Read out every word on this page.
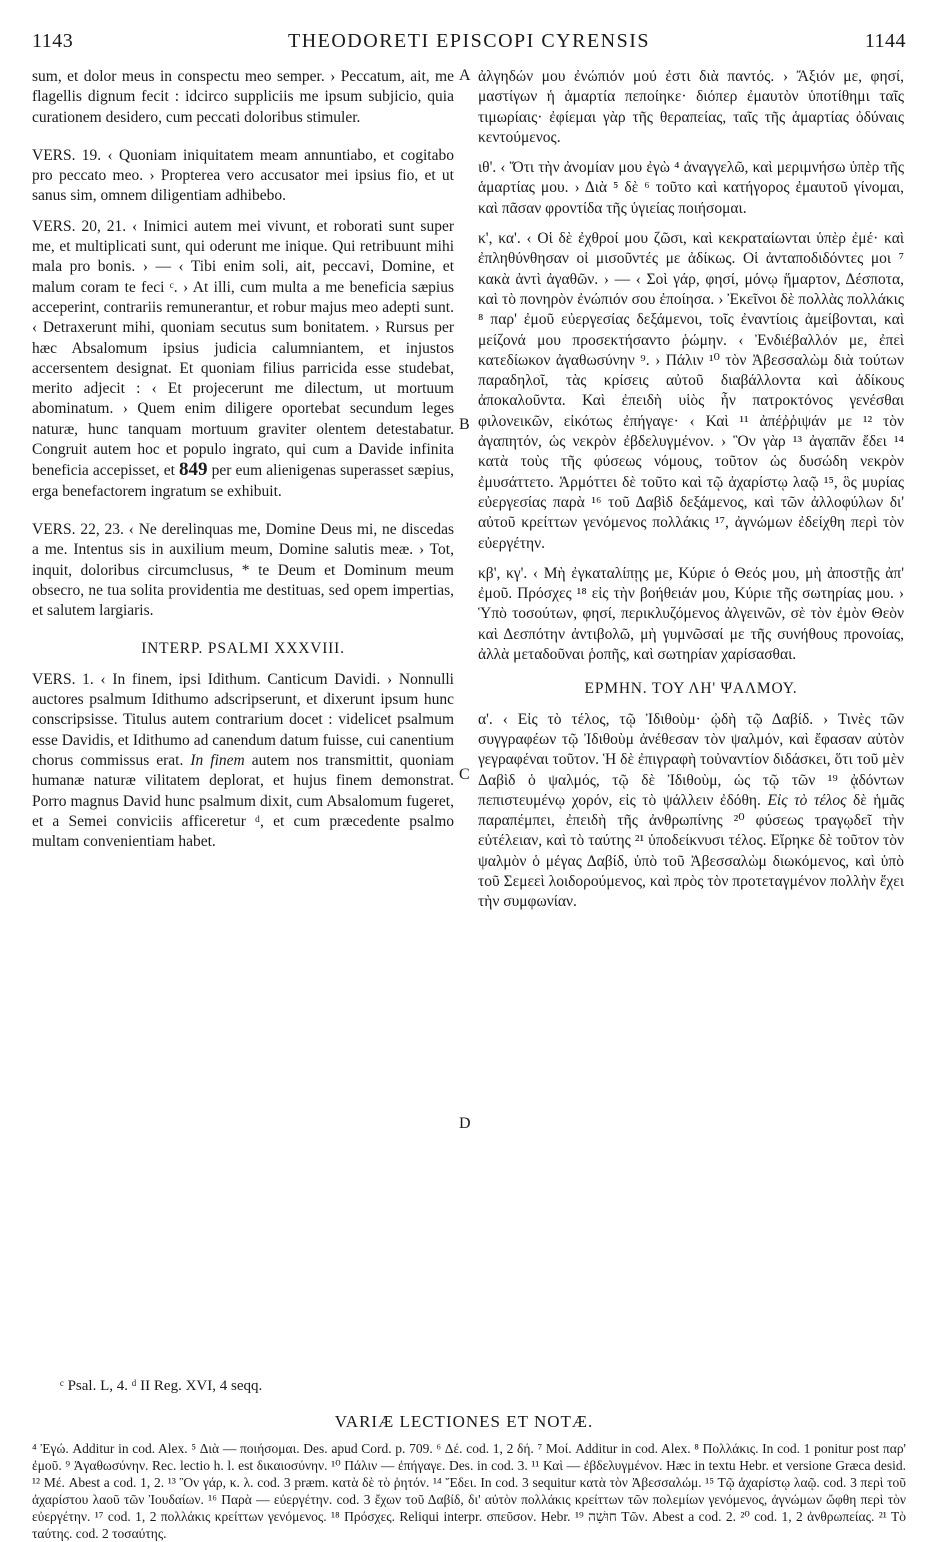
1143	THEODORETI EPISCOPI CYRENSIS	1144

sum, et dolor meus in conspectu meo semper. › Peccatum, ait, me flagellis dignum fecit : idcirco suppliciis me ipsum subjicio, quia curationem desidero, cum peccati doloribus stimuler.

VERS. 19. ‹ Quoniam iniquitatem meam annuntiabo, et cogitabo pro peccato meo. › Propterea vero accusator mei ipsius fio, et ut sanus sim, omnem diligentiam adhibebo.

VERS. 20, 21. ‹ Inimici autem mei vivunt, et roborati sunt super me, et multiplicati sunt, qui oderunt me inique. Qui retribuunt mihi mala pro bonis. › — ‹ Tibi enim soli, ait, peccavi, Domine, et malum coram te feci ᶜ. › At illi, cum multa a me beneficia sæpius acceperint, contrariis remunerantur, et robur majus meo adepti sunt. ‹ Detraxerunt mihi, quoniam secutus sum bonitatem. › Rursus per hæc Absalomum ipsius judicia calumniantem, et injustos accersentem designat. Et quoniam filius parricida esse studebat, merito adjecit : ‹ Et projecerunt me dilectum, ut mortuum abominatum. › Quem enim diligere oportebat secundum leges naturæ, hunc tanquam mortuum graviter olentem detestabatur. Congruit autem hoc et populo ingrato, qui cum a Davide infinita beneficia accepisset, et 849 per eum alienigenas superasset sæpius, erga benefactorem ingratum se exhibuit.

VERS. 22, 23. ‹ Ne derelinquas me, Domine Deus mi, ne discedas a me. Intentus sis in auxilium meum, Domine salutis meæ. › Tot, inquit, doloribus circumclusus, * te Deum et Dominum meum obsecro, ne tua solita providentia me destituas, sed opem impertias, et salutem largiaris.

INTERP. PSALMI XXXVIII.

VERS. 1. ‹ In finem, ipsi Idithum. Canticum Davidi. › Nonnulli auctores psalmum Idithumo adscripserunt, et dixerunt ipsum hunc conscripsisse. Titulus autem contrarium docet : videlicet psalmum esse Davidis, et Idithumo ad canendum datum fuisse, cui canentium chorus commissus erat. In finem autem nos transmittit, quoniam humanæ naturæ vilitatem deplorat, et hujus finem demonstrat. Porro magnus David hunc psalmum dixit, cum Absalomum fugeret, et a Semei conviciis afficeretur ᵈ, et cum præcedente psalmo multam convenientiam habet.

A
B
C
D

ἀλγηδών μου ἐνώπιόν μού ἐστι διὰ παντός. › Ἄξιόν με, φησί, μαστίγων ἡ ἁμαρτία πεποίηκε· διόπερ ἐμαυτὸν ὑποτίθημι ταῖς τιμωρίαις· ἐφίεμαι γὰρ τῆς θεραπείας, ταῖς τῆς ἁμαρτίας ὀδύναις κεντούμενος.

ιθ'. ‹ Ὅτι τὴν ἀνομίαν μου ἐγὼ ⁴ ἀναγγελῶ, καὶ μεριμνήσω ὑπὲρ τῆς ἁμαρτίας μου. › Διὰ ⁵ δὲ ⁶ τοῦτο καὶ κατήγορος ἐμαυτοῦ γίνομαι, καὶ πᾶσαν φροντίδα τῆς ὑγιείας ποιήσομαι.

κ', κα'. ‹ Οἱ δὲ ἐχθροί μου ζῶσι, καὶ κεκραταίωνται ὑπὲρ ἐμέ· καὶ ἐπληθύνθησαν οἱ μισοῦντές με ἀδίκως. Οἱ ἀνταποδιδόντες μοι ⁷ κακὰ ἀντὶ ἀγαθῶν. › — ‹ Σοὶ γάρ, φησί, μόνῳ ἥμαρτον, Δέσποτα, καὶ τὸ πονηρὸν ἐνώπιόν σου ἐποίησα. › Ἐκεῖνοι δὲ πολλὰς πολλάκις ⁸ παρ' ἐμοῦ εὐεργεσίας δεξάμενοι, τοῖς ἐναντίοις ἀμείβονται, καὶ μείζονά μου προσεκτήσαντο ῥώμην. ‹ Ἐνδιέβαλλόν με, ἐπεὶ κατεδίωκον ἀγαθωσύνην ⁹. › Πάλιν ¹⁰ τὸν Ἀβεσσαλὼμ διὰ τούτων παραδηλοῖ, τὰς κρίσεις αὐτοῦ διαβάλλοντα καὶ ἀδίκους ἀποκαλοῦντα. Καὶ ἐπειδὴ υἱὸς ἦν πατροκτόνος γενέσθαι φιλονεικῶν, εἰκότως ἐπήγαγε· ‹ Καὶ ¹¹ ἀπέῤῥιψάν με ¹² τὸν ἀγαπητόν, ὡς νεκρὸν ἐβδελυγμένον. › Ὃν γὰρ ¹³ ἀγαπᾶν ἔδει ¹⁴ κατὰ τοὺς τῆς φύσεως νόμους, τοῦτον ὡς δυσώδη νεκρὸν ἐμυσάττετο. Ἁρμόττει δὲ τοῦτο καὶ τῷ ἀχαρίστῳ λαῷ ¹⁵, ὃς μυρίας εὐεργεσίας παρὰ ¹⁶ τοῦ Δαβὶδ δεξάμενος, καὶ τῶν ἀλλοφύλων δι' αὐτοῦ κρείττων γενόμενος πολλάκις ¹⁷, ἀγνώμων ἐδείχθη περὶ τὸν εὐεργέτην.

κβ', κγ'. ‹ Μὴ ἐγκαταλίπῃς με, Κύριε ὁ Θεός μου, μὴ ἀποστῇς ἀπ' ἐμοῦ. Πρόσχες ¹⁸ εἰς τὴν βοήθειάν μου, Κύριε τῆς σωτηρίας μου. › Ὑπὸ τοσούτων, φησί, περικλυζόμενος ἀλγεινῶν, σὲ τὸν ἐμὸν Θεὸν καὶ Δεσπότην ἀντιβολῶ, μὴ γυμνῶσαί με τῆς συνήθους προνοίας, ἀλλὰ μεταδοῦναι ῥοπῆς, καὶ σωτηρίαν χαρίσασθαι.

ΕΡΜΗΝ. ΤΟΥ ΛΗ' ΨΑΛΜΟΥ.

α'. ‹ Εἰς τὸ τέλος, τῷ Ἰδιθοὺμ· ᾠδὴ τῷ Δαβίδ. › Τινὲς τῶν συγγραφέων τῷ Ἰδιθοὺμ ἀνέθεσαν τὸν ψαλμόν, καὶ ἔφασαν αὐτὸν γεγραφέναι τοῦτον. Ἡ δὲ ἐπιγραφὴ τοὐναντίον διδάσκει, ὅτι τοῦ μὲν Δαβὶδ ὁ ψαλμός, τῷ δὲ Ἰδιθοὺμ, ὡς τῷ τῶν ¹⁹ ᾀδόντων πεπιστευμένῳ χορόν, εἰς τὸ ψάλλειν ἐδόθη. Εἰς τὸ τέλος δὲ ἡμᾶς παραπέμπει, ἐπειδὴ τῆς ἀνθρωπίνης ²⁰ φύσεως τραγῳδεῖ τὴν εὐτέλειαν, καὶ τὸ ταύτης ²¹ ὑποδείκνυσι τέλος. Εἴρηκε δὲ τοῦτον τὸν ψαλμὸν ὁ μέγας Δαβίδ, ὑπὸ τοῦ Ἀβεσσαλὼμ διωκόμενος, καὶ ὑπὸ τοῦ Σεμεεὶ λοιδορούμενος, καὶ πρὸς τὸν προτεταγμένον πολλὴν ἔχει τὴν συμφωνίαν.

ᶜ Psal. L, 4. ᵈ II Reg. XVI, 4 seqq.
VARIÆ LECTIONES ET NOTÆ.

⁴ Ἐγώ. Additur in cod. Alex. ⁵ Διὰ — ποιήσομαι. Des. apud Cord. p. 709. ⁶ Δέ. cod. 1, 2 δή. ⁷ Μοί. Additur in cod. Alex. ⁸ Πολλάκις. In cod. 1 ponitur post παρ' ἐμοῦ. ⁹ Ἀγαθωσύνην. Rec. lectio h. l. est δικαιοσύνην. ¹⁰ Πάλιν — ἐπήγαγε. Des. in cod. 3. ¹¹ Καὶ — ἐβδελυγμένον. Hæc in textu Hebr. et versione Græca desid. ¹² Μέ. Abest a cod. 1, 2. ¹³ Ὃν γάρ, κ. λ. cod. 3 præm. κατὰ δὲ τὸ ῥητόν. ¹⁴ Ἔδει. In cod. 3 sequitur κατὰ τὸν Ἀβεσσαλώμ. ¹⁵ Τῷ ἀχαρίστῳ λαῷ. cod. 3 περὶ τοῦ ἀχαρίστου λαοῦ τῶν Ἰουδαίων. ¹⁶ Παρὰ — εὐεργέτην. cod. 3 ἔχων τοῦ Δαβίδ, δι' αὐτὸν πολλάκις κρείττων τῶν πολεμίων γενόμενος, ἀγνώμων ὤφθη περὶ τὸν εὐεργέτην. ¹⁷ cod. 1, 2 πολλάκις κρείττων γενόμενος. ¹⁸ Πρόσχες. Reliqui interpr. σπεῦσον. Hebr. חוּשָׁה ¹⁹ Τῶν. Abest a cod. 2. ²⁰ cod. 1, 2 ἀνθρωπείας. ²¹ Τὸ ταύτης. cod. 2 τοσαύτης.
